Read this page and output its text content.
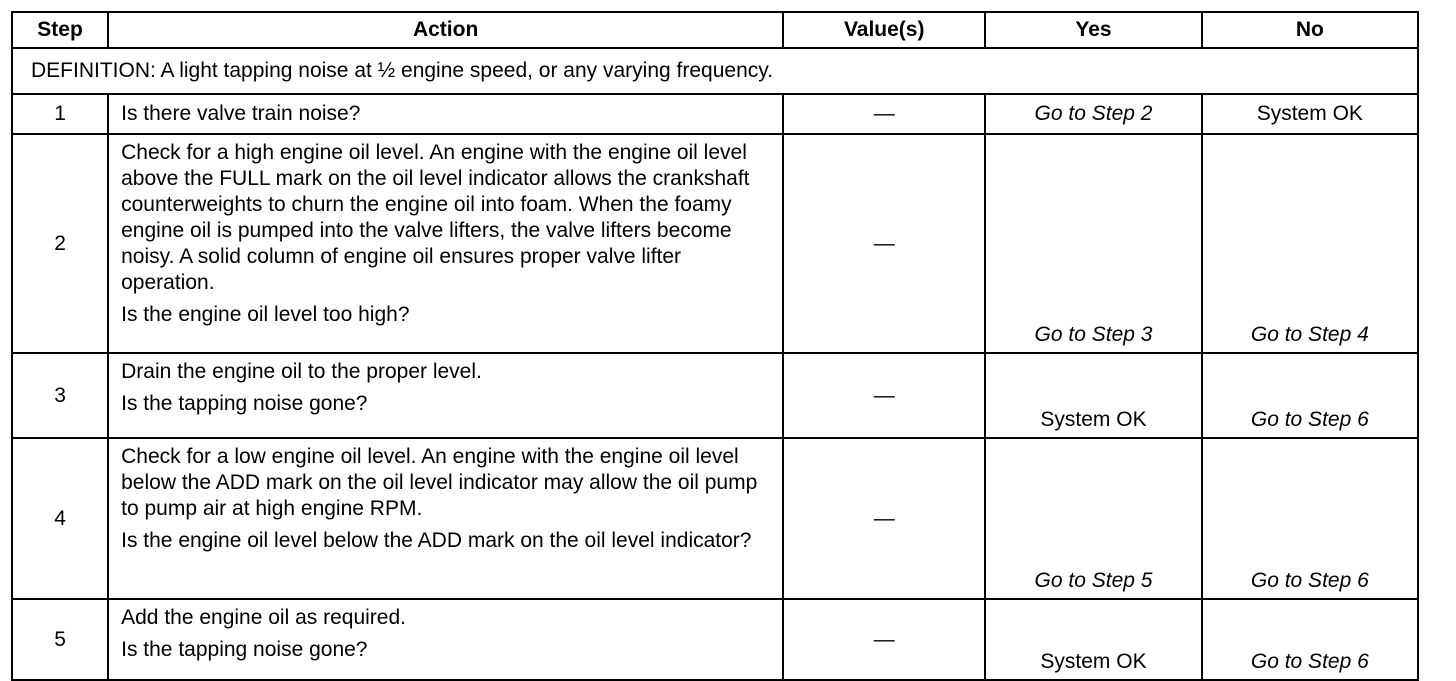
Step	Action	Value(s)	Yes	No
DEFINITION: A light tapping noise at ½ engine speed, or any varying frequency.				
1	Is there valve train noise?	—	Go to Step 2	System OK
2	Check for a high engine oil level. An engine with the engine oil level above the FULL mark on the oil level indicator allows the crankshaft counterweights to churn the engine oil into foam. When the foamy engine oil is pumped into the valve lifters, the valve lifters become noisy. A solid column of engine oil ensures proper valve lifter operation.

Is the engine oil level too high?	—	Go to Step 3	Go to Step 4
3	Drain the engine oil to the proper level.

Is the tapping noise gone?	—	System OK	Go to Step 6
4	Check for a low engine oil level. An engine with the engine oil level below the ADD mark on the oil level indicator may allow the oil pump to pump air at high engine RPM.

Is the engine oil level below the ADD mark on the oil level indicator?	—	Go to Step 5	Go to Step 6
5	Add the engine oil as required.

Is the tapping noise gone?	—	System OK	Go to Step 6
